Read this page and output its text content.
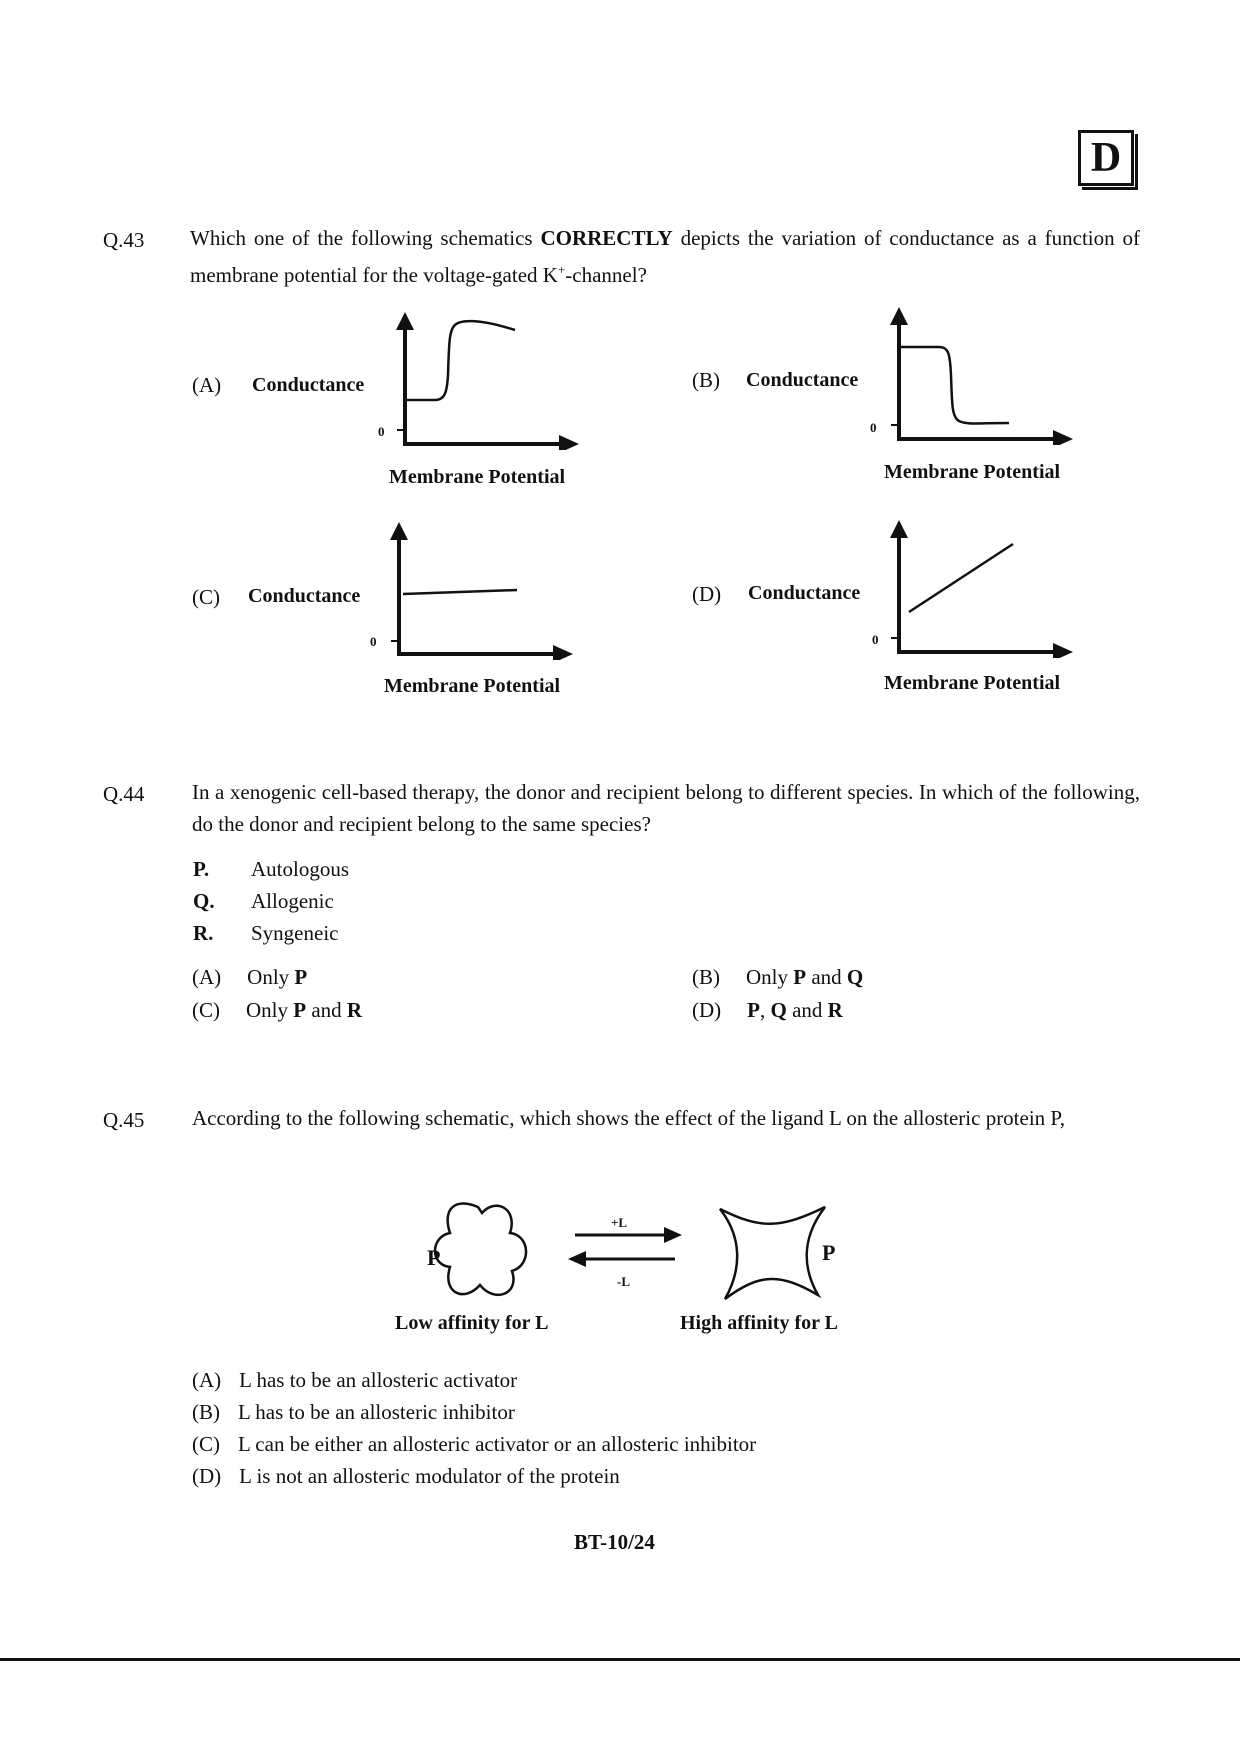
D
Q.43 Which one of the following schematics CORRECTLY depicts the variation of conductance as a function of membrane potential for the voltage-gated K+-channel?
(A) Conductance
0
Membrane Potential
(B) Conductance
0
Membrane Potential
(C) Conductance
0
Membrane Potential
(D) Conductance
0
Membrane Potential
Q.44 In a xenogenic cell-based therapy, the donor and recipient belong to different species. In which of the following, do the donor and recipient belong to the same species?
P. Autologous
Q. Allogenic
R. Syngeneic
(A) Only P	(B) Only P and Q
(C) Only P and R	(D) P, Q and R
Q.45 According to the following schematic, which shows the effect of the ligand L on the allosteric protein P,
P	P
+L
-L
Low affinity for L	High affinity for L
(A) L has to be an allosteric activator
(B) L has to be an allosteric inhibitor
(C) L can be either an allosteric activator or an allosteric inhibitor
(D) L is not an allosteric modulator of the protein
BT-10/24
